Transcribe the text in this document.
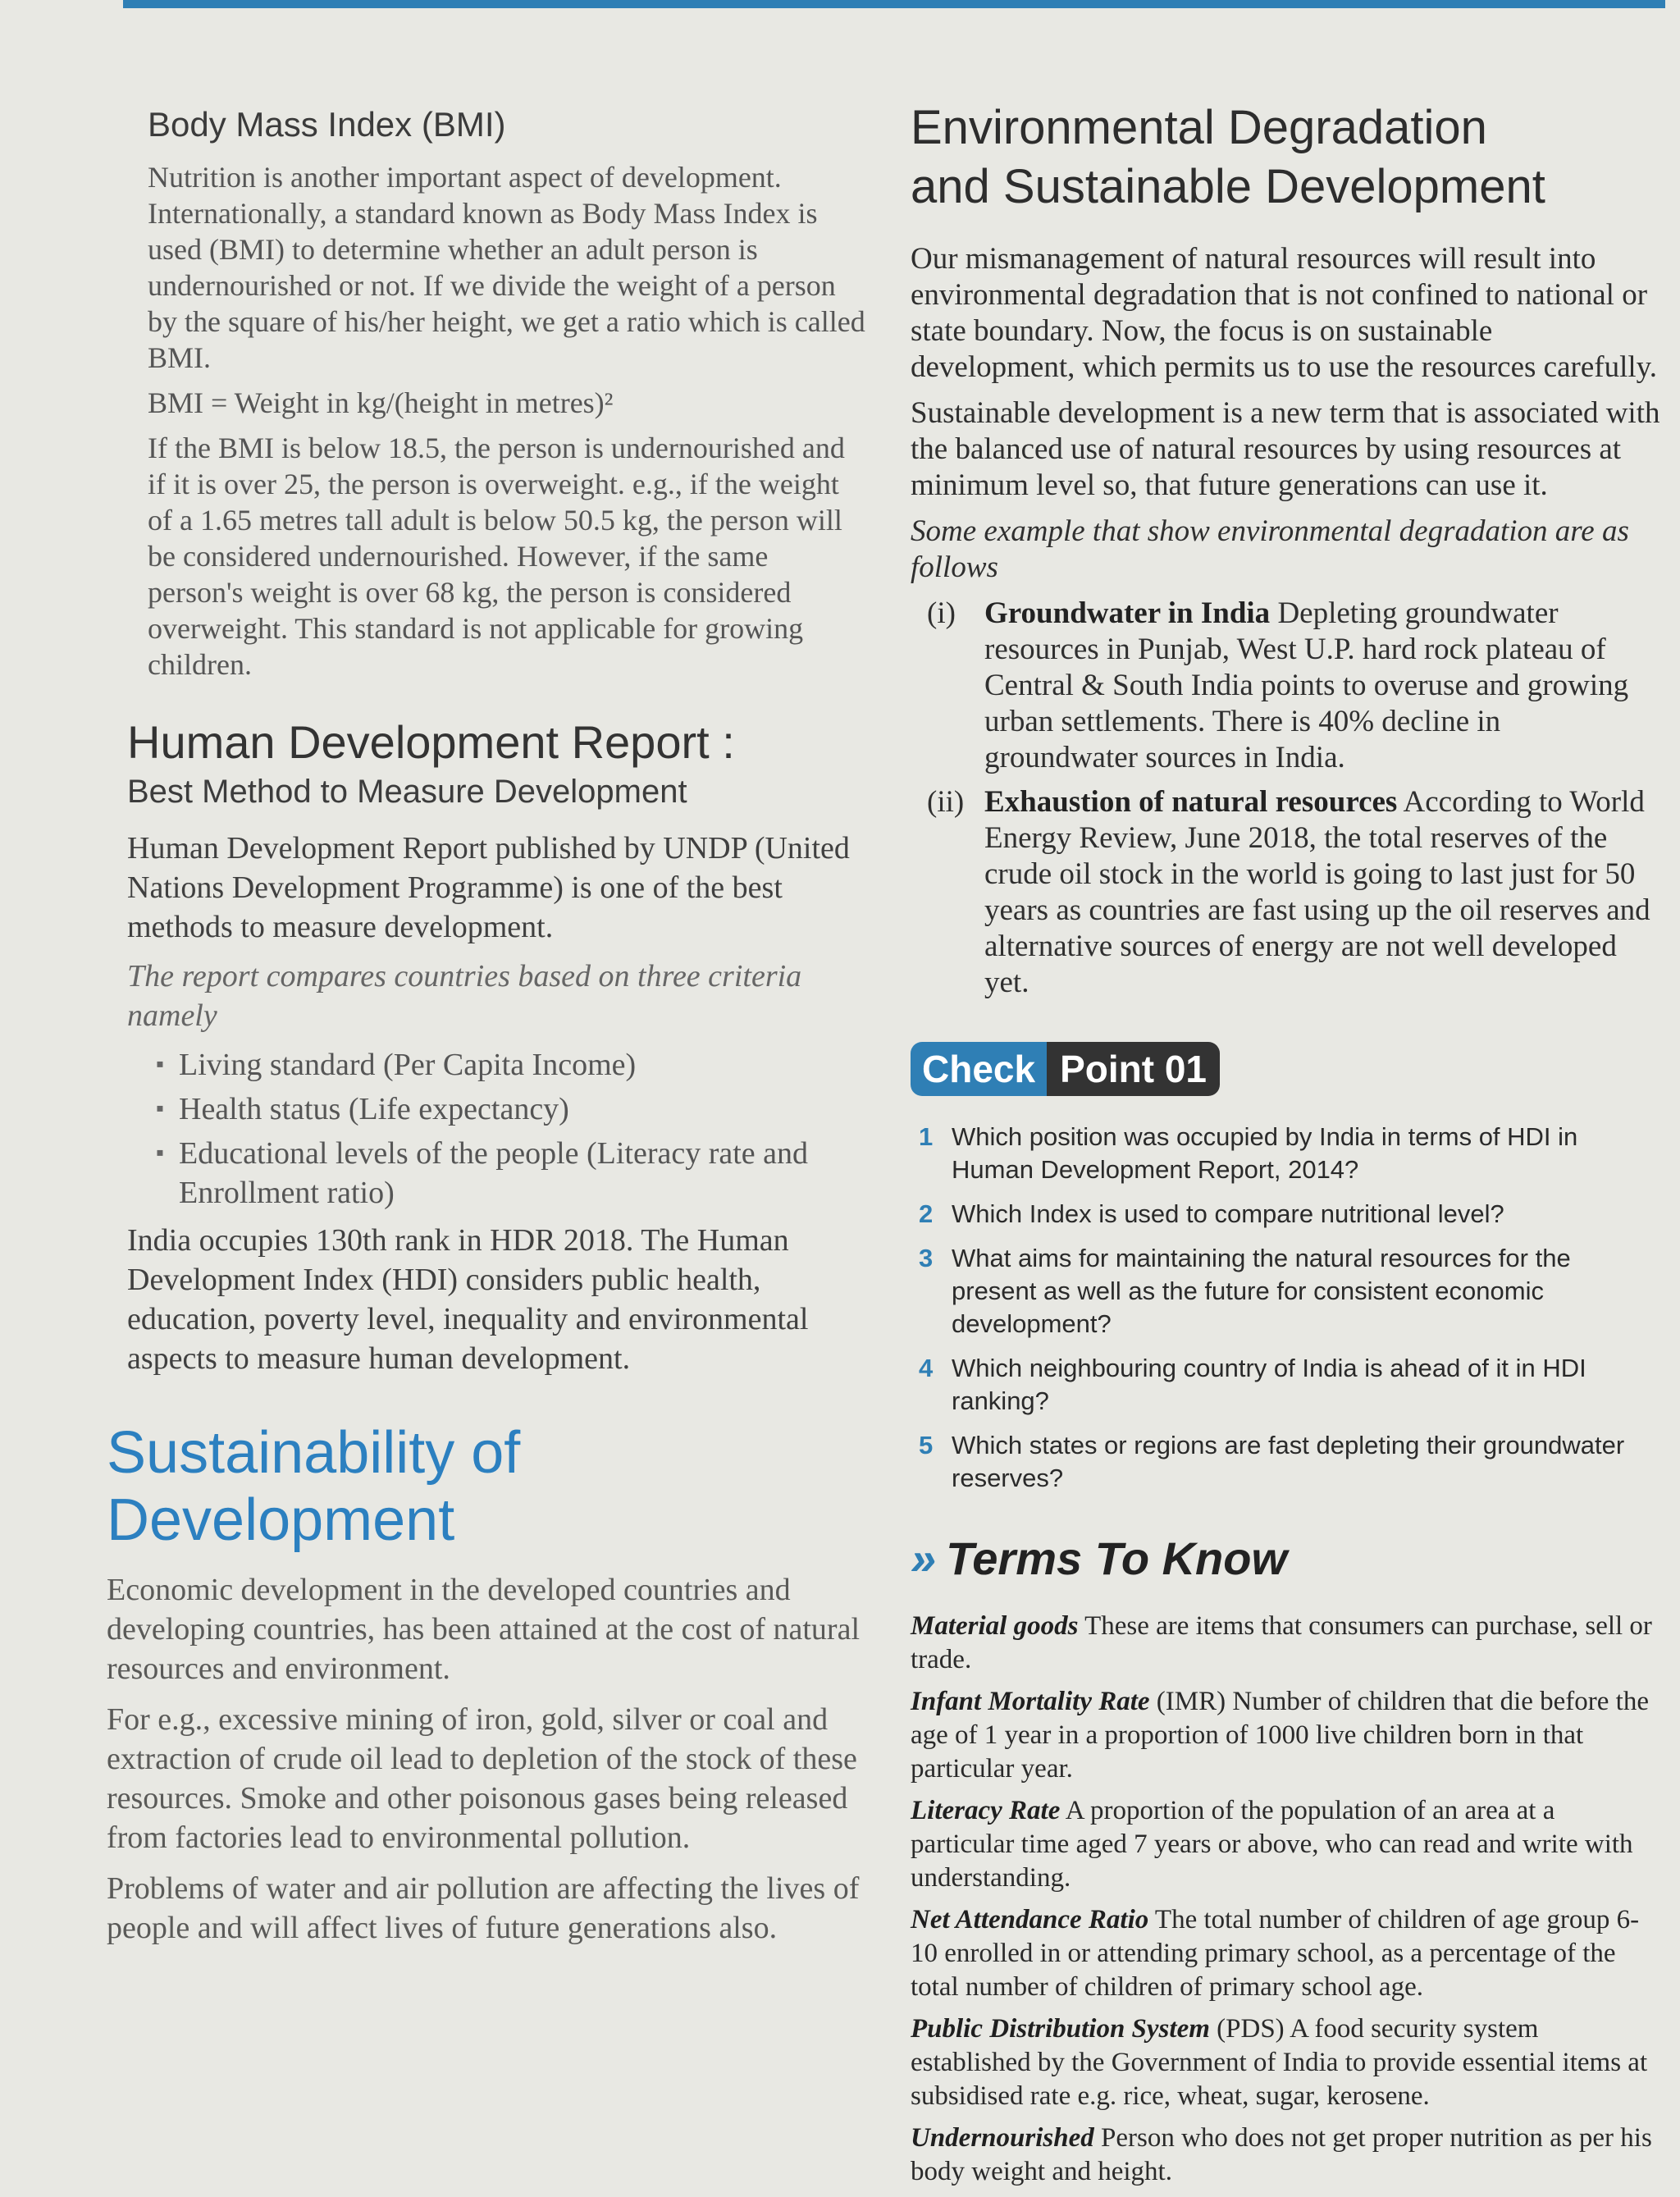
Body Mass Index (BMI)

Nutrition is another important aspect of development. Internationally, a standard known as Body Mass Index is used (BMI) to determine whether an adult person is undernourished or not. If we divide the weight of a person by the square of his/her height, we get a ratio which is called BMI.

BMI = Weight in kg/(height in metres)²

If the BMI is below 18.5, the person is undernourished and if it is over 25, the person is overweight. e.g., if the weight of a 1.65 metres tall adult is below 50.5 kg, the person will be considered undernourished. However, if the same person's weight is over 68 kg, the person is considered overweight. This standard is not applicable for growing children.

Human Development Report :
Best Method to Measure Development

Human Development Report published by UNDP (United Nations Development Programme) is one of the best methods to measure development.

The report compares countries based on three criteria namely

▪ Living standard (Per Capita Income)
▪ Health status (Life expectancy)
▪ Educational levels of the people (Literacy rate and Enrollment ratio)

India occupies 130th rank in HDR 2018. The Human Development Index (HDI) considers public health, education, poverty level, inequality and environmental aspects to measure human development.

Sustainability of Development

Economic development in the developed countries and developing countries, has been attained at the cost of natural resources and environment.

For e.g., excessive mining of iron, gold, silver or coal and extraction of crude oil lead to depletion of the stock of these resources. Smoke and other poisonous gases being released from factories lead to environmental pollution.

Problems of water and air pollution are affecting the lives of people and will affect lives of future generations also.

Environmental Degradation
and Sustainable Development

Our mismanagement of natural resources will result into environmental degradation that is not confined to national or state boundary. Now, the focus is on sustainable development, which permits us to use the resources carefully.

Sustainable development is a new term that is associated with the balanced use of natural resources by using resources at minimum level so, that future generations can use it.

Some example that show environmental degradation are as follows

(i) Groundwater in India Depleting groundwater resources in Punjab, West U.P. hard rock plateau of Central & South India points to overuse and growing urban settlements. There is 40% decline in groundwater sources in India.
(ii) Exhaustion of natural resources According to World Energy Review, June 2018, the total reserves of the crude oil stock in the world is going to last just for 50 years as countries are fast using up the oil reserves and alternative sources of energy are not well developed yet.
Check Point 01
1 Which position was occupied by India in terms of HDI in Human Development Report, 2014?
2 Which Index is used to compare nutritional level?
3 What aims for maintaining the natural resources for the present as well as the future for consistent economic development?
4 Which neighbouring country of India is ahead of it in HDI ranking?
5 Which states or regions are fast depleting their groundwater reserves?
» Terms To Know
Material goods These are items that consumers can purchase, sell or trade.
Infant Mortality Rate (IMR) Number of children that die before the age of 1 year in a proportion of 1000 live children born in that particular year.
Literacy Rate A proportion of the population of an area at a particular time aged 7 years or above, who can read and write with understanding.
Net Attendance Ratio The total number of children of age group 6-10 enrolled in or attending primary school, as a percentage of the total number of children of primary school age.
Public Distribution System (PDS) A food security system established by the Government of India to provide essential items at subsidised rate e.g. rice, wheat, sugar, kerosene.
Undernourished Person who does not get proper nutrition as per his body weight and height.
